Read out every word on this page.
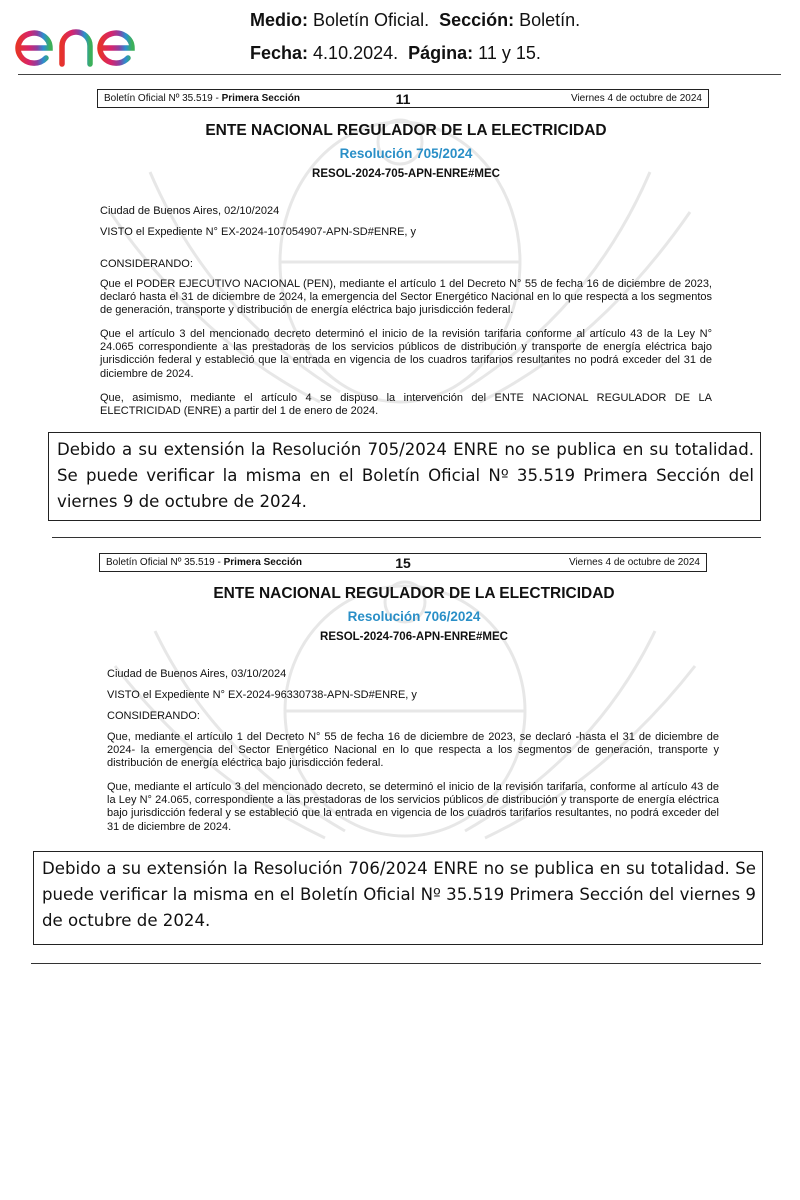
Medio: Boletín Oficial. Sección: Boletín.
Fecha: 4.10.2024. Página: 11 y 15.
Boletín Oficial Nº 35.519 - Primera Sección	11	Viernes 4 de octubre de 2024
ENTE NACIONAL REGULADOR DE LA ELECTRICIDAD
Resolución 705/2024
RESOL-2024-705-APN-ENRE#MEC
Ciudad de Buenos Aires, 02/10/2024
VISTO el Expediente N° EX-2024-107054907-APN-SD#ENRE, y
CONSIDERANDO:
Que el PODER EJECUTIVO NACIONAL (PEN), mediante el artículo 1 del Decreto N° 55 de fecha 16 de diciembre de 2023, declaró hasta el 31 de diciembre de 2024, la emergencia del Sector Energético Nacional en lo que respecta a los segmentos de generación, transporte y distribución de energía eléctrica bajo jurisdicción federal.
Que el artículo 3 del mencionado decreto determinó el inicio de la revisión tarifaria conforme al artículo 43 de la Ley N° 24.065 correspondiente a las prestadoras de los servicios públicos de distribución y transporte de energía eléctrica bajo jurisdicción federal y estableció que la entrada en vigencia de los cuadros tarifarios resultantes no podrá exceder del 31 de diciembre de 2024.
Que, asimismo, mediante el artículo 4 se dispuso la intervención del ENTE NACIONAL REGULADOR DE LA ELECTRICIDAD (ENRE) a partir del 1 de enero de 2024.
Debido a su extensión la Resolución 705/2024 ENRE no se publica en su totalidad. Se puede verificar la misma en el Boletín Oficial Nº 35.519 Primera Sección del viernes 9 de octubre de 2024.
Boletín Oficial Nº 35.519 - Primera Sección	15	Viernes 4 de octubre de 2024
ENTE NACIONAL REGULADOR DE LA ELECTRICIDAD
Resolución 706/2024
RESOL-2024-706-APN-ENRE#MEC
Ciudad de Buenos Aires, 03/10/2024
VISTO el Expediente N° EX-2024-96330738-APN-SD#ENRE, y
CONSIDERANDO:
Que, mediante el artículo 1 del Decreto N° 55 de fecha 16 de diciembre de 2023, se declaró -hasta el 31 de diciembre de 2024- la emergencia del Sector Energético Nacional en lo que respecta a los segmentos de generación, transporte y distribución de energía eléctrica bajo jurisdicción federal.
Que, mediante el artículo 3 del mencionado decreto, se determinó el inicio de la revisión tarifaria, conforme al artículo 43 de la Ley N° 24.065, correspondiente a las prestadoras de los servicios públicos de distribución y transporte de energía eléctrica bajo jurisdicción federal y se estableció que la entrada en vigencia de los cuadros tarifarios resultantes, no podrá exceder del 31 de diciembre de 2024.
Debido a su extensión la Resolución 706/2024 ENRE no se publica en su totalidad. Se puede verificar la misma en el Boletín Oficial Nº 35.519 Primera Sección del viernes 9 de octubre de 2024.
